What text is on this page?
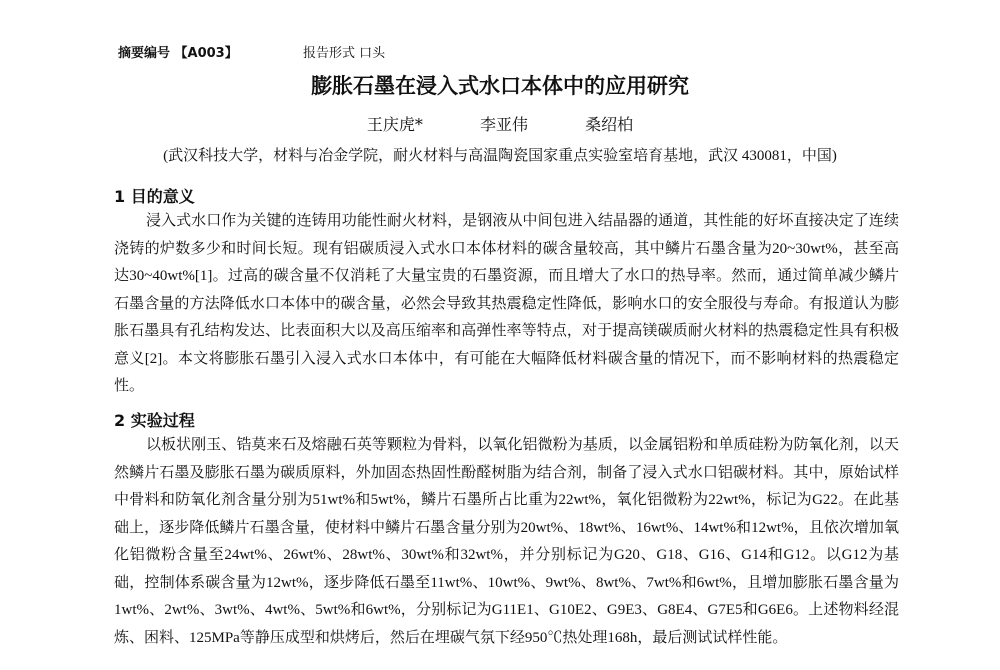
摘要编号 【A003】	报告形式 口头
膨胀石墨在浸入式水口本体中的应用研究
王庆虎*	李亚伟	桑绍柏
(武汉科技大学，材料与冶金学院，耐火材料与高温陶瓷国家重点实验室培育基地，武汉 430081，中国)
1 目的意义

浸入式水口作为关键的连铸用功能性耐火材料，是钢液从中间包进入结晶器的通道，其性能的好坏直接决定了连续浇铸的炉数多少和时间长短。现有铝碳质浸入式水口本体材料的碳含量较高，其中鳞片石墨含量为20~30wt%，甚至高达30~40wt%[1]。过高的碳含量不仅消耗了大量宝贵的石墨资源，而且增大了水口的热导率。然而，通过简单减少鳞片石墨含量的方法降低水口本体中的碳含量，必然会导致其热震稳定性降低，影响水口的安全服役与寿命。有报道认为膨胀石墨具有孔结构发达、比表面积大以及高压缩率和高弹性率等特点，对于提高镁碳质耐火材料的热震稳定性具有积极意义[2]。本文将膨胀石墨引入浸入式水口本体中，有可能在大幅降低材料碳含量的情况下，而不影响材料的热震稳定性。

2 实验过程

以板状刚玉、锆莫来石及熔融石英等颗粒为骨料，以氧化铝微粉为基质，以金属铝粉和单质硅粉为防氧化剂，以天然鳞片石墨及膨胀石墨为碳质原料，外加固态热固性酚醛树脂为结合剂，制备了浸入式水口铝碳材料。其中，原始试样中骨料和防氧化剂含量分别为51wt%和5wt%，鳞片石墨所占比重为22wt%，氧化铝微粉为22wt%，标记为G22。在此基础上，逐步降低鳞片石墨含量，使材料中鳞片石墨含量分别为20wt%、18wt%、16wt%、14wt%和12wt%，且依次增加氧化铝微粉含量至24wt%、26wt%、28wt%、30wt%和32wt%，并分别标记为G20、G18、G16、G14和G12。以G12为基础，控制体系碳含量为12wt%，逐步降低石墨至11wt%、10wt%、9wt%、8wt%、7wt%和6wt%，且增加膨胀石墨含量为1wt%、2wt%、3wt%、4wt%、5wt%和6wt%，分别标记为G11E1、G10E2、G9E3、G8E4、G7E5和G6E6。上述物料经混炼、困料、125MPa等静压成型和烘烤后，然后在埋碳气氛下经950℃热处理168h，最后测试试样性能。
